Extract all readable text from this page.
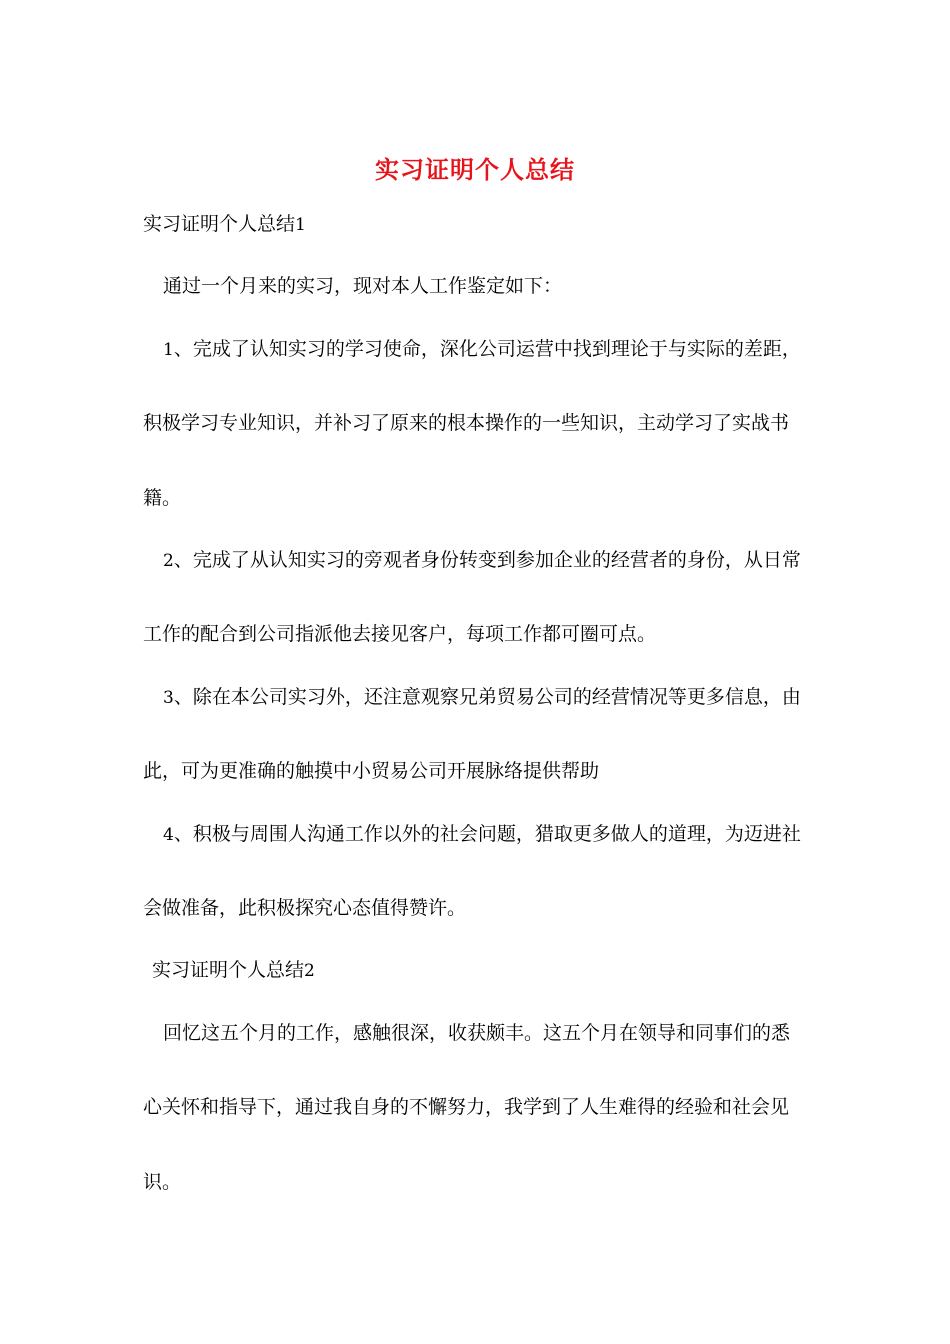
实习证明个人总结
实习证明个人总结1
通过一个月来的实习，现对本人工作鉴定如下：
1、完成了认知实习的学习使命，深化公司运营中找到理论于与实际的差距，
积极学习专业知识，并补习了原来的根本操作的一些知识，主动学习了实战书
籍。
2、完成了从认知实习的旁观者身份转变到参加企业的经营者的身份，从日常
工作的配合到公司指派他去接见客户，每项工作都可圈可点。
3、除在本公司实习外，还注意观察兄弟贸易公司的经营情况等更多信息，由
此，可为更准确的触摸中小贸易公司开展脉络提供帮助
4、积极与周围人沟通工作以外的社会问题，猎取更多做人的道理，为迈进社
会做准备，此积极探究心态值得赞许。
实习证明个人总结2
回忆这五个月的工作，感触很深，收获颇丰。这五个月在领导和同事们的悉
心关怀和指导下，通过我自身的不懈努力，我学到了人生难得的经验和社会见
识。
